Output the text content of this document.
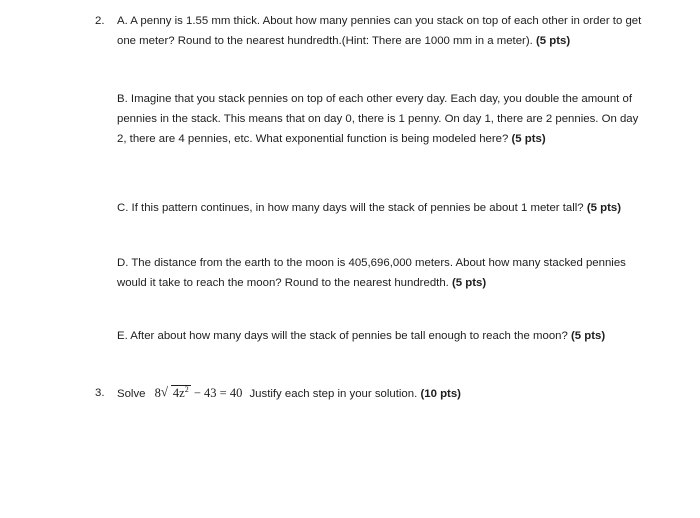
2. A. A penny is 1.55 mm thick. About how many pennies can you stack on top of each other in order to get one meter? Round to the nearest hundredth.(Hint: There are 1000 mm in a meter). (5 pts)

B. Imagine that you stack pennies on top of each other every day. Each day, you double the amount of pennies in the stack. This means that on day 0, there is 1 penny. On day 1, there are 2 pennies. On day 2, there are 4 pennies, etc. What exponential function is being modeled here? (5 pts)

C. If this pattern continues, in how many days will the stack of pennies be about 1 meter tall? (5 pts)

D. The distance from the earth to the moon is 405,696,000 meters. About how many stacked pennies would it take to reach the moon? Round to the nearest hundredth. (5 pts)

E. After about how many days will the stack of pennies be tall enough to reach the moon? (5 pts)

3. Solve 8 √ $4z^2 - 43 = 40$ Justify each step in your solution. (10 pts)
